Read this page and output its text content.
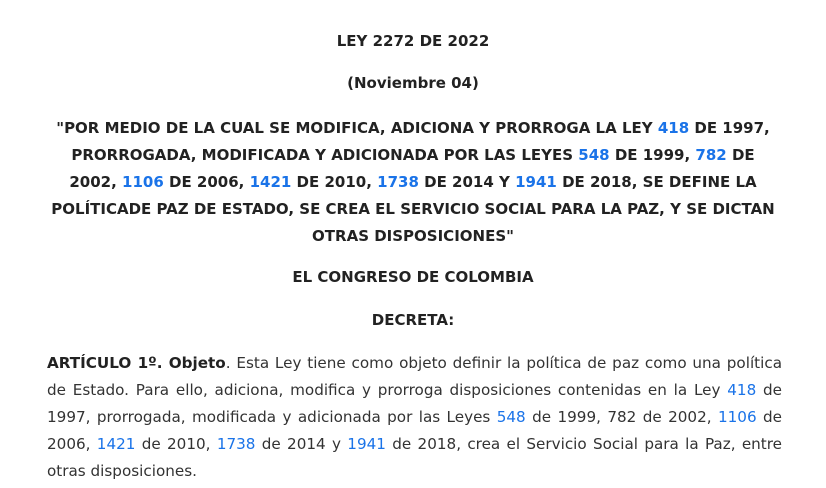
LEY 2272 DE 2022

(Noviembre 04)

"POR MEDIO DE LA CUAL SE MODIFICA, ADICIONA Y PRORROGA LA LEY 418 DE 1997, PRORROGADA, MODIFICADA Y ADICIONADA POR LAS LEYES 548 DE 1999, 782 DE 2002, 1106 DE 2006, 1421 DE 2010, 1738 DE 2014 Y 1941 DE 2018, SE DEFINE LA POLÍTICADE PAZ DE ESTADO, SE CREA EL SERVICIO SOCIAL PARA LA PAZ, Y SE DICTAN OTRAS DISPOSICIONES"

EL CONGRESO DE COLOMBIA

DECRETA:

ARTÍCULO 1º. Objeto. Esta Ley tiene como objeto definir la política de paz como una política de Estado. Para ello, adiciona, modifica y prorroga disposiciones contenidas en la Ley 418 de 1997, prorrogada, modificada y adicionada por las Leyes 548 de 1999, 782 de 2002, 1106 de 2006, 1421 de 2010, 1738 de 2014 y 1941 de 2018, crea el Servicio Social para la Paz, entre otras disposiciones.
